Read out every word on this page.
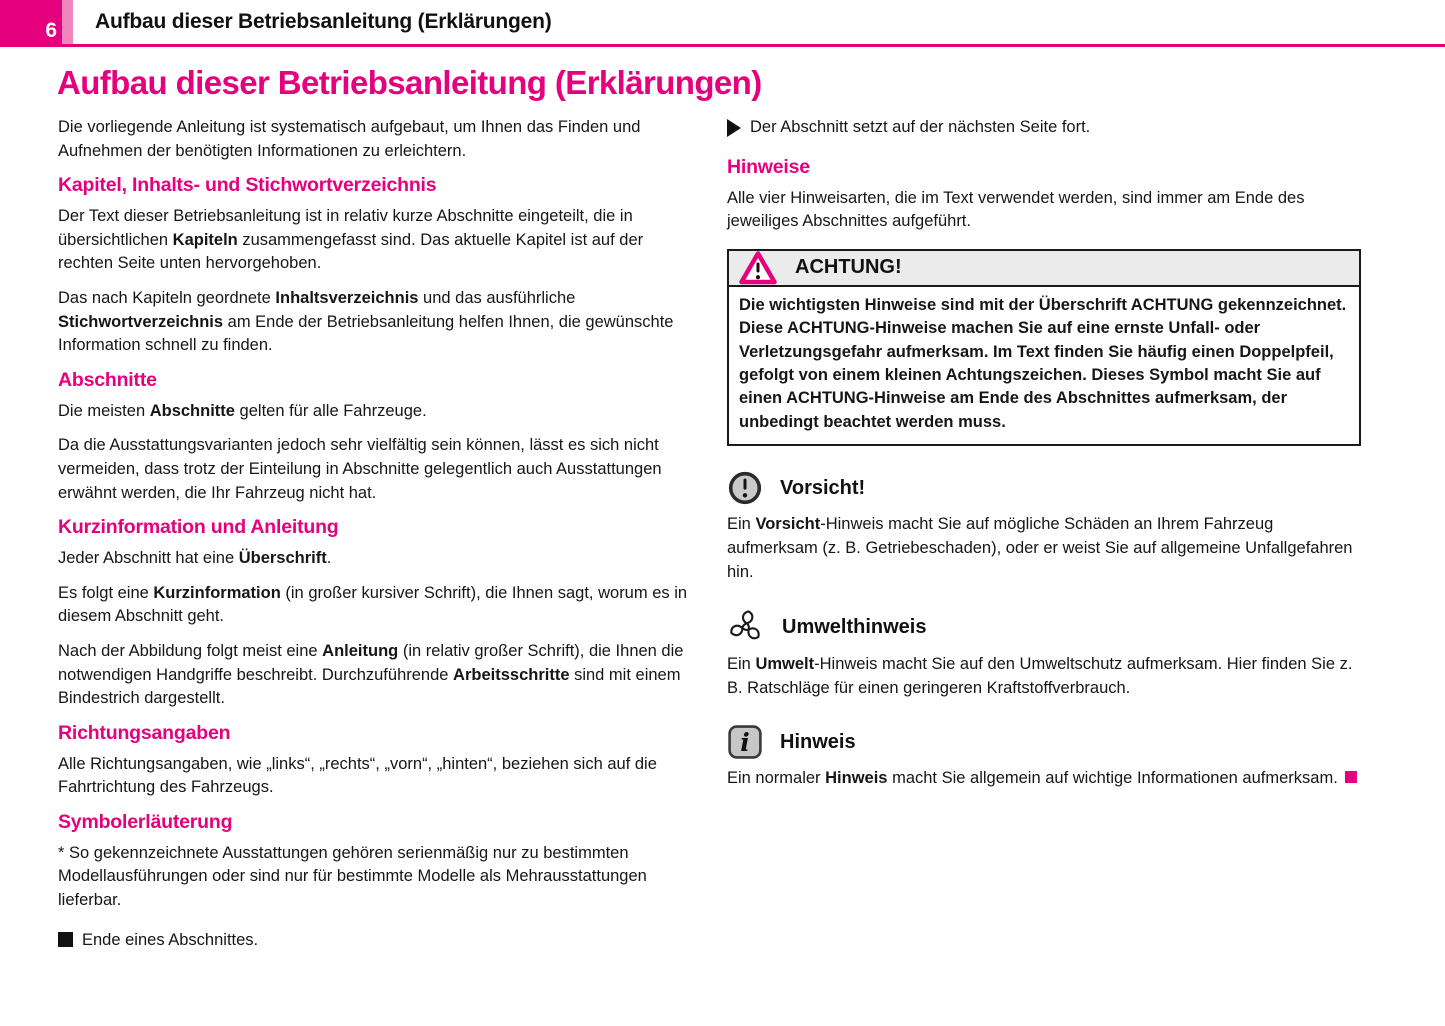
6 Aufbau dieser Betriebsanleitung (Erklärungen)
Aufbau dieser Betriebsanleitung (Erklärungen)

Die vorliegende Anleitung ist systematisch aufgebaut, um Ihnen das Finden und Aufnehmen der benötigten Informationen zu erleichtern.

Kapitel, Inhalts- und Stichwortverzeichnis

Der Text dieser Betriebsanleitung ist in relativ kurze Abschnitte eingeteilt, die in übersichtlichen Kapiteln zusammengefasst sind. Das aktuelle Kapitel ist auf der rechten Seite unten hervorgehoben.

Das nach Kapiteln geordnete Inhaltsverzeichnis und das ausführliche Stichwortverzeichnis am Ende der Betriebsanleitung helfen Ihnen, die gewünschte Information schnell zu finden.

Abschnitte

Die meisten Abschnitte gelten für alle Fahrzeuge.

Da die Ausstattungsvarianten jedoch sehr vielfältig sein können, lässt es sich nicht vermeiden, dass trotz der Einteilung in Abschnitte gelegentlich auch Ausstattungen erwähnt werden, die Ihr Fahrzeug nicht hat.

Kurzinformation und Anleitung

Jeder Abschnitt hat eine Überschrift.

Es folgt eine Kurzinformation (in großer kursiver Schrift), die Ihnen sagt, worum es in diesem Abschnitt geht.

Nach der Abbildung folgt meist eine Anleitung (in relativ großer Schrift), die Ihnen die notwendigen Handgriffe beschreibt. Durchzuführende Arbeitsschritte sind mit einem Bindestrich dargestellt.

Richtungsangaben

Alle Richtungsangaben, wie „links“, „rechts“, „vorn“, „hinten“, beziehen sich auf die Fahrtrichtung des Fahrzeugs.

Symbolerläuterung

* So gekennzeichnete Ausstattungen gehören serienmäßig nur zu bestimmten Modellausführungen oder sind nur für bestimmte Modelle als Mehrausstattungen lieferbar.

Ende eines Abschnittes.

Der Abschnitt setzt auf der nächsten Seite fort.

Hinweise

Alle vier Hinweisarten, die im Text verwendet werden, sind immer am Ende des jeweiliges Abschnittes aufgeführt.

ACHTUNG!
Die wichtigsten Hinweise sind mit der Überschrift ACHTUNG gekennzeichnet. Diese ACHTUNG-Hinweise machen Sie auf eine ernste Unfall- oder Verletzungsgefahr aufmerksam. Im Text finden Sie häufig einen Doppelpfeil, gefolgt von einem kleinen Achtungszeichen. Dieses Symbol macht Sie auf einen ACHTUNG-Hinweise am Ende des Abschnittes aufmerksam, der unbedingt beachtet werden muss.
Vorsicht!

Ein Vorsicht-Hinweis macht Sie auf mögliche Schäden an Ihrem Fahrzeug aufmerksam (z. B. Getriebeschaden), oder er weist Sie auf allgemeine Unfallgefahren hin.

Umwelthinweis

Ein Umwelt-Hinweis macht Sie auf den Umweltschutz aufmerksam. Hier finden Sie z. B. Ratschläge für einen geringeren Kraftstoffverbrauch.

i Hinweis

Ein normaler Hinweis macht Sie allgemein auf wichtige Informationen aufmerksam.
